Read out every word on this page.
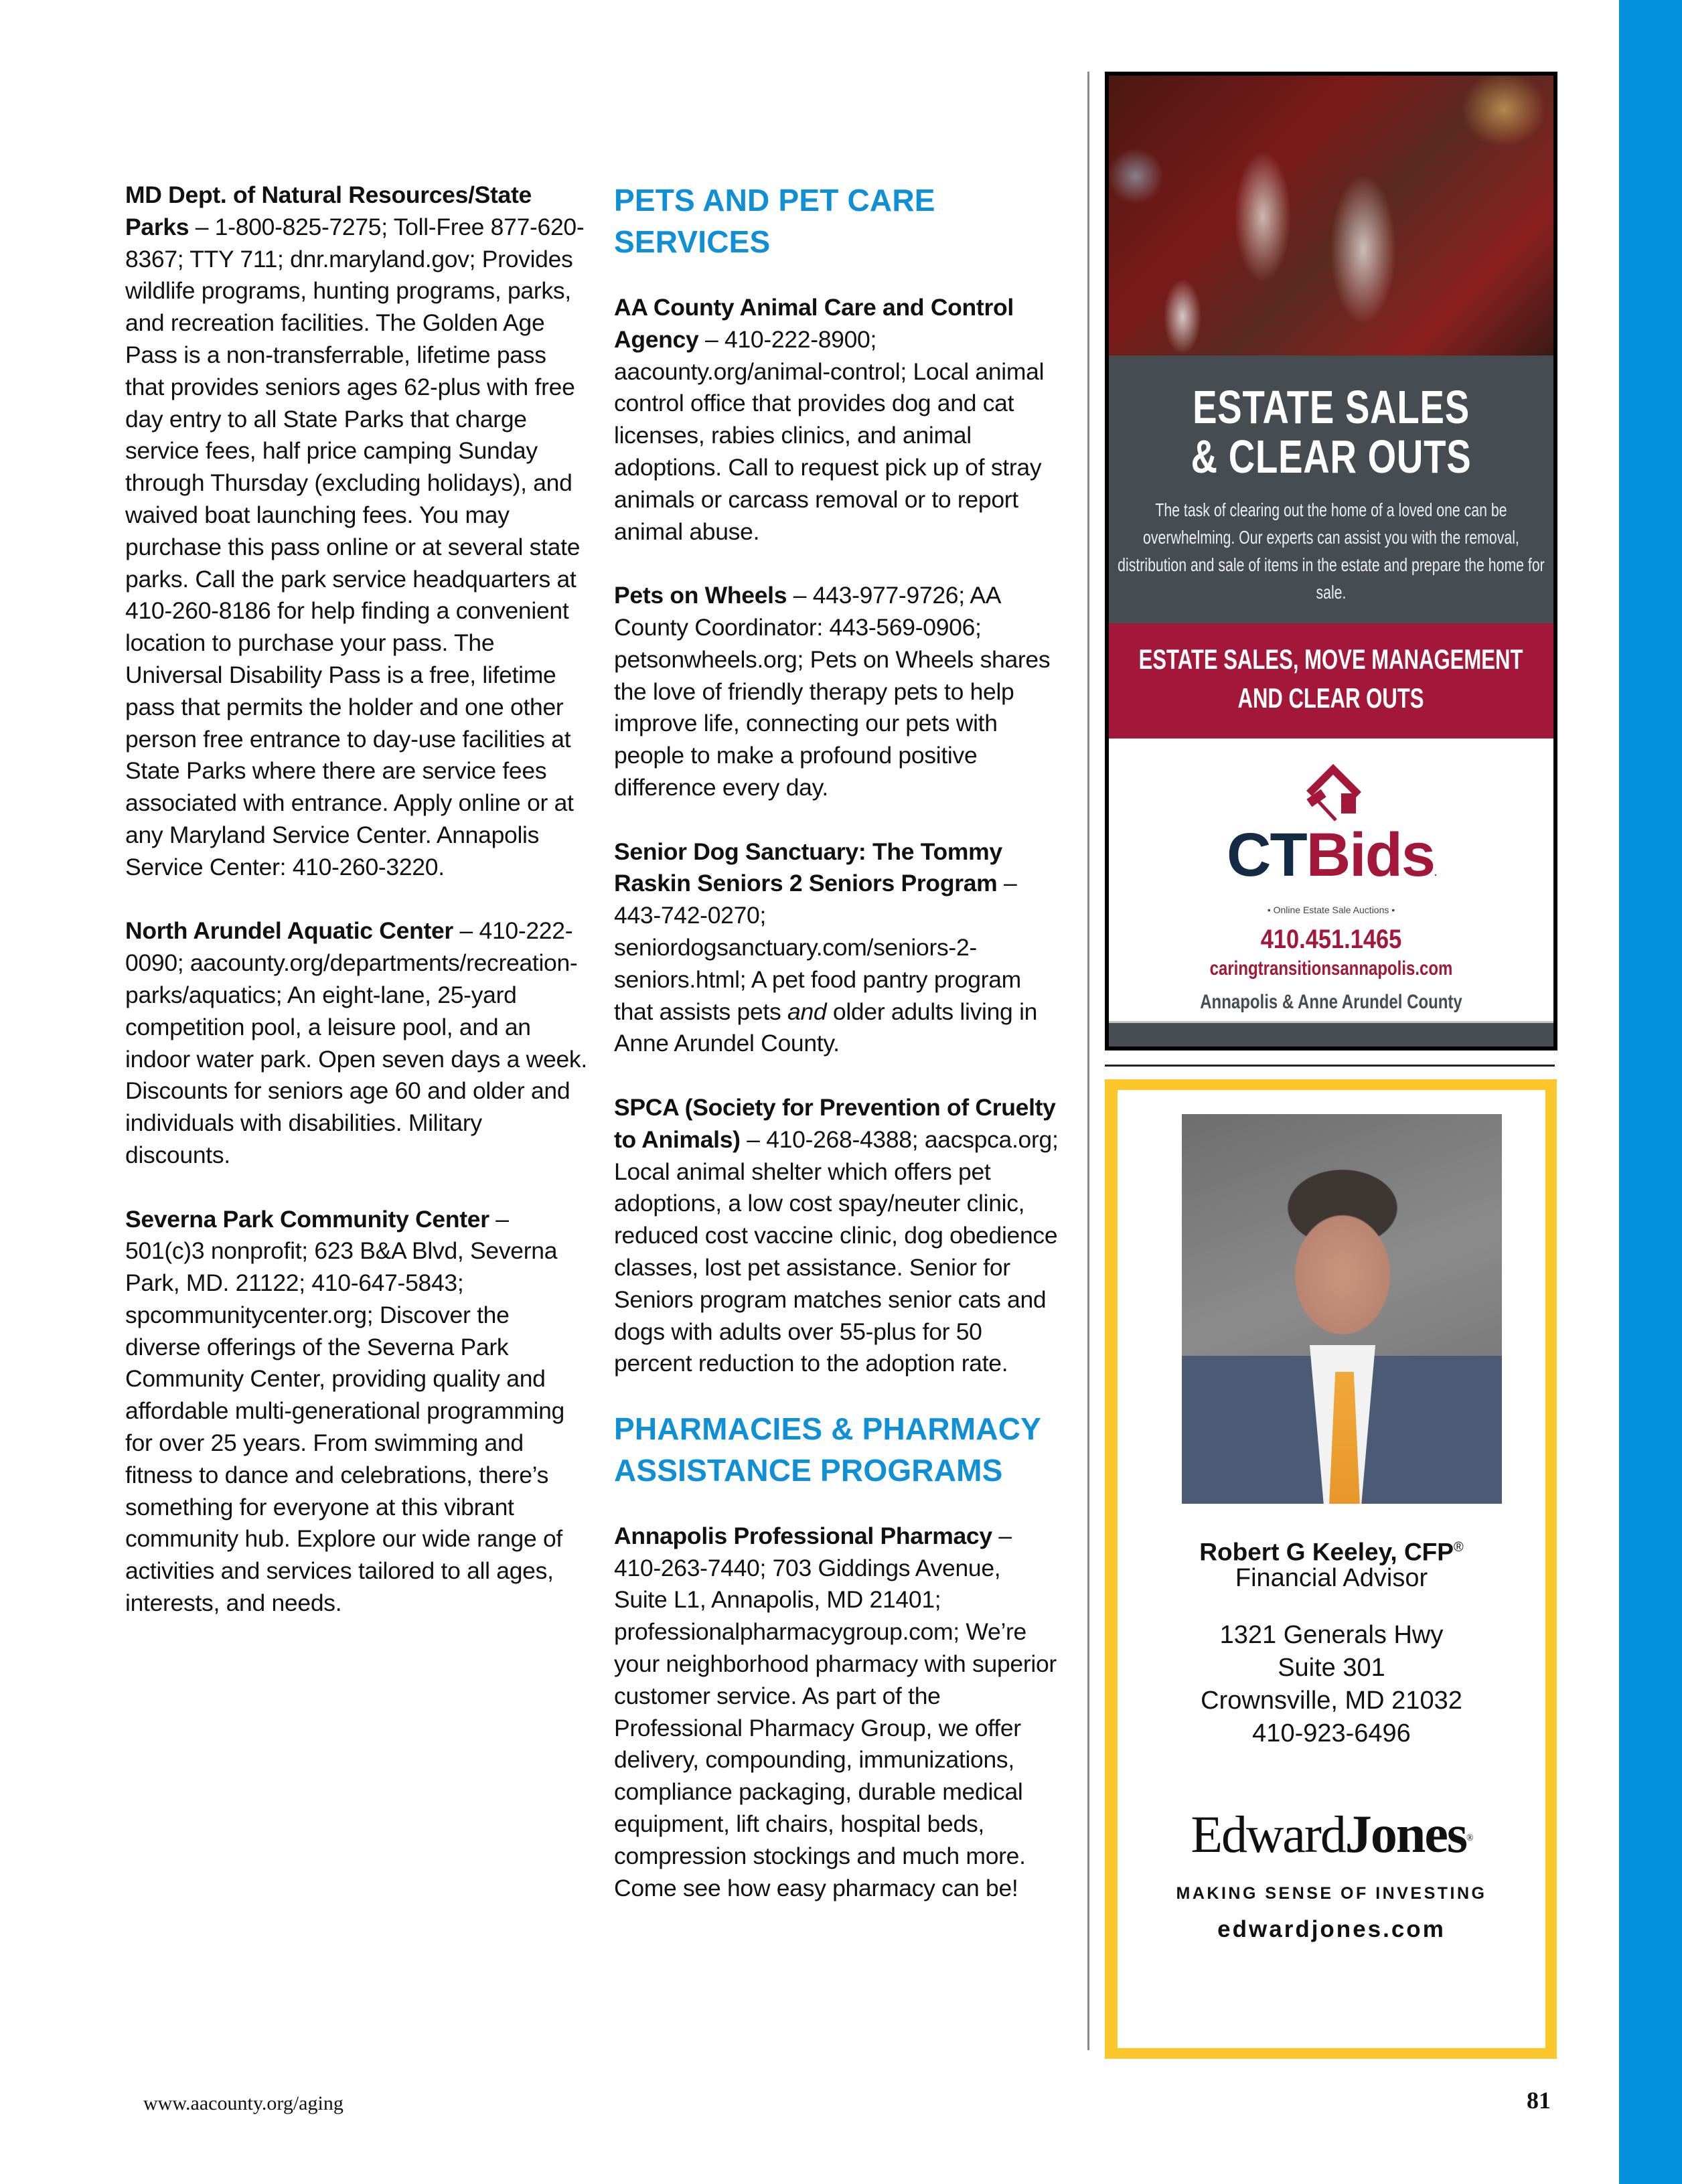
MD Dept. of Natural Resources/State Parks – 1-800-825-7275; Toll-Free 877-620-8367; TTY 711; dnr.maryland.gov; Provides wildlife programs, hunting programs, parks, and recreation facilities. The Golden Age Pass is a non-transferrable, lifetime pass that provides seniors ages 62-plus with free day entry to all State Parks that charge service fees, half price camping Sunday through Thursday (excluding holidays), and waived boat launching fees. You may purchase this pass online or at several state parks. Call the park service headquarters at 410-260-8186 for help finding a convenient location to purchase your pass. The Universal Disability Pass is a free, lifetime pass that permits the holder and one other person free entrance to day-use facilities at State Parks where there are service fees associated with entrance. Apply online or at any Maryland Service Center. Annapolis Service Center: 410-260-3220.

North Arundel Aquatic Center – 410-222-0090; aacounty.org/departments/recreation-parks/aquatics; An eight-lane, 25-yard competition pool, a leisure pool, and an indoor water park. Open seven days a week. Discounts for seniors age 60 and older and individuals with disabilities. Military discounts.

Severna Park Community Center – 501(c)3 nonprofit; 623 B&A Blvd, Severna Park, MD. 21122; 410-647-5843; spcommunitycenter.org; Discover the diverse offerings of the Severna Park Community Center, providing quality and affordable multi-generational programming for over 25 years. From swimming and fitness to dance and celebrations, there’s something for everyone at this vibrant community hub. Explore our wide range of activities and services tailored to all ages, interests, and needs.

PETS AND PET CARE SERVICES

AA County Animal Care and Control Agency – 410-222-8900; aacounty.org/animal-control; Local animal control office that provides dog and cat licenses, rabies clinics, and animal adoptions. Call to request pick up of stray animals or carcass removal or to report animal abuse.

Pets on Wheels – 443-977-9726; AA County Coordinator: 443-569-0906; petsonwheels.org; Pets on Wheels shares the love of friendly therapy pets to help improve life, connecting our pets with people to make a profound positive difference every day.

Senior Dog Sanctuary: The Tommy Raskin Seniors 2 Seniors Program – 443-742-0270; seniordogsanctuary.com/seniors-2-seniors.html; A pet food pantry program that assists pets and older adults living in Anne Arundel County.

SPCA (Society for Prevention of Cruelty to Animals) – 410-268-4388; aacspca.org; Local animal shelter which offers pet adoptions, a low cost spay/neuter clinic, reduced cost vaccine clinic, dog obedience classes, lost pet assistance. Senior for Seniors program matches senior cats and dogs with adults over 55-plus for 50 percent reduction to the adoption rate.

PHARMACIES & PHARMACY ASSISTANCE PROGRAMS

Annapolis Professional Pharmacy – 410-263-7440; 703 Giddings Avenue, Suite L1, Annapolis, MD 21401; professionalpharmacygroup.com; We’re your neighborhood pharmacy with superior customer service. As part of the Professional Pharmacy Group, we offer delivery, compounding, immunizations, compliance packaging, durable medical equipment, lift chairs, hospital beds, compression stockings and much more. Come see how easy pharmacy can be!

ESTATE SALES
& CLEAR OUTS
The task of clearing out the home of a loved one can be overwhelming. Our experts can assist you with the removal, distribution and sale of items in the estate and prepare the home for sale.
ESTATE SALES, MOVE MANAGEMENT
AND CLEAR OUTS
CTBids.
• Online Estate Sale Auctions •
410.451.1465
caringtransitionsannapolis.com
Annapolis & Anne Arundel County
Robert G Keeley, CFP®
Financial Advisor
1321 Generals Hwy
Suite 301
Crownsville, MD 21032
410-923-6496
EdwardJones®
MAKING SENSE OF INVESTING
edwardjones.com
www.aacounty.org/aging	81
